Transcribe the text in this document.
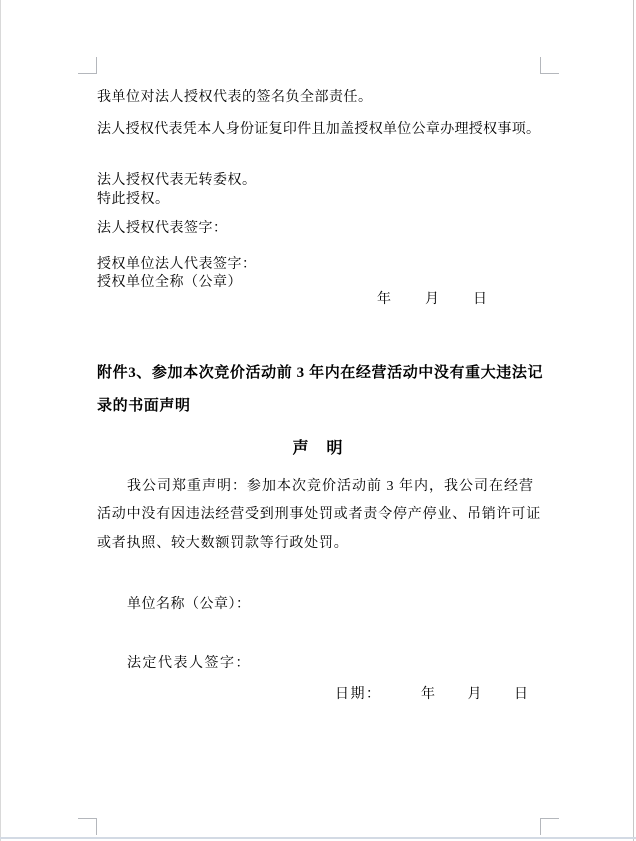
我单位对法人授权代表的签名负全部责任。
法人授权代表凭本人身份证复印件且加盖授权单位公章办理授权事项。
法人授权代表无转委权。
特此授权。
法人授权代表签字：
授权单位法人代表签字：
授权单位全称（公章）
年　　月　　日
附件3、参加本次竞价活动前 3 年内在经营活动中没有重大违法记
录的书面声明
声　明
我公司郑重声明：参加本次竞价活动前 3 年内，我公司在经营
活动中没有因违法经营受到刑事处罚或者责令停产停业、吊销许可证
或者执照、较大数额罚款等行政处罚。
单位名称（公章）：
法定代表人签字：
日期：　　　年　　月　　日
